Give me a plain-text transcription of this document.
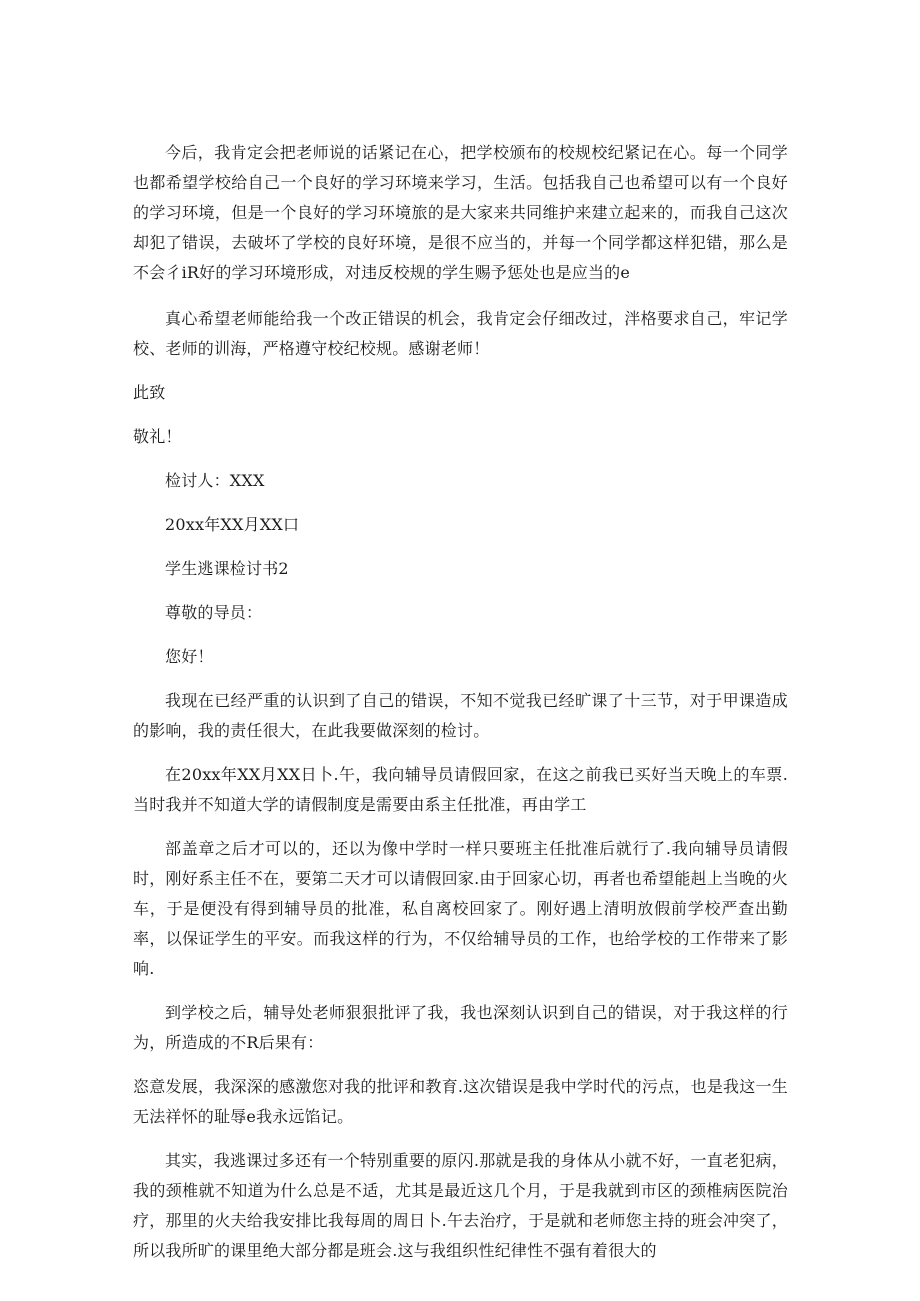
今后，我肯定会把老师说的话紧记在心，把学校颁布的校规校纪紧记在心。每一个同学也都希望学校给自己一个良好的学习环境来学习，生活。包括我自己也希望可以有一个良好的学习环境，但是一个良好的学习环境旅的是大家来共同维护来建立起来的，而我自己这次却犯了错误，去破坏了学校的良好环境，是很不应当的，并每一个同学都这样犯错，那么是不会彳iR好的学习环境形成，对违反校规的学生赐予惩处也是应当的e

真心希望老师能给我一个改正错误的机会，我肯定会仔细改过，泮格要求自己，牢记学校、老师的训海，严格遵守校纪校规。感谢老师！

此致

敬礼！

检讨人：XXX

20xx年XX月XX口

学生逃课检讨书2

尊敬的导员：

您好！

我现在已经严重的认识到了自己的错误，不知不觉我已经旷课了十三节，对于甲课造成的影响，我的责任很大，在此我要做深刻的检讨。

在20xx年XX月XX日卜.午，我向辅导员请假回家，在这之前我已买好当天晚上的车票.当时我并不知道大学的请假制度是需要由系主任批准，再由学工

部盖章之后才可以的，还以为像中学时一样只要班主任批准后就行了.我向辅导员请假时，刚好系主任不在，要第二天才可以请假回家.由于回家心切，再者也希望能赳上当晚的火车，于是便没有得到辅导员的批准，私自离校回家了。刚好遇上清明放假前学校严查出勤率，以保证学生的平安。而我这样的行为，不仅给辅导员的工作，也给学校的工作带来了影响.

到学校之后，辅导处老师狠狠批评了我，我也深刻认识到自己的错误，对于我这样的行为，所造成的不R后果有：

恣意发展，我深深的感激您对我的批评和教育.这次错误是我中学时代的污点，也是我这一生无法祥怀的耻辱e我永远馅记。

其实，我逃课过多还有一个特别重要的原闪.那就是我的身体从小就不好，一直老犯病，我的颈椎就不知道为什么总是不适，尤其是最近这几个月，于是我就到市区的颈椎病医院治疗，那里的火夫给我安排比我每周的周日卜.午去治疗，于是就和老师您主持的班会冲突了，所以我所旷的课里绝大部分都是班会.这与我组织性纪律性不强有着很大的
